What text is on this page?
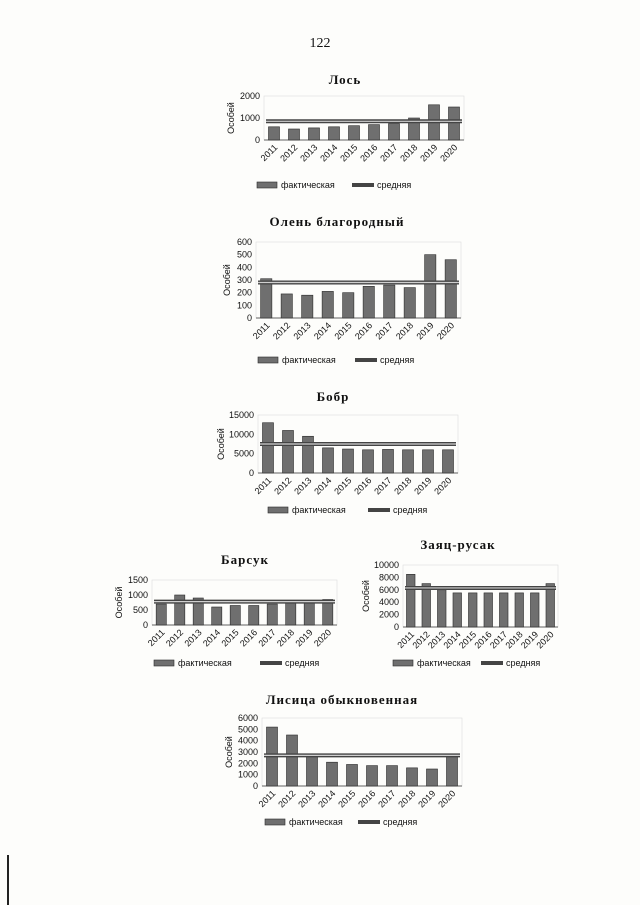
122
Лось
0
1000
2000
Особей
2011
2012
2013
2014
2015
2016
2017
2018
2019
2020
фактическая	средняя
Олень благородный
0
100
200
300
400
500
600
Особей
2011 2012 2013 2014 2015 2016 2017 2018 2019 2020
фактическая	средняя
Бобр
0
5000
10000
15000
Особей
2011
2012
2013
2014
2015
2016
2017
2018
2019
2020
фактическая	средняя
Барсук
0
500
1000
1500
Особей
2011
2012
2013
2014
2015
2016
2017
2018
2019
2020
фактическая	средняя
Заяц-русак
0
2000
4000
6000
8000
10000
Особей
2011
2012
2013
2014
2015
2016
2017
2018
2019
2020
фактическая	средняя
Лисица обыкновенная
0
1000
2000
3000
4000
5000
6000
Особей
2011
2012
2013
2014
2015
2016
2017
2018
2019
2020
фактическая	средняя
